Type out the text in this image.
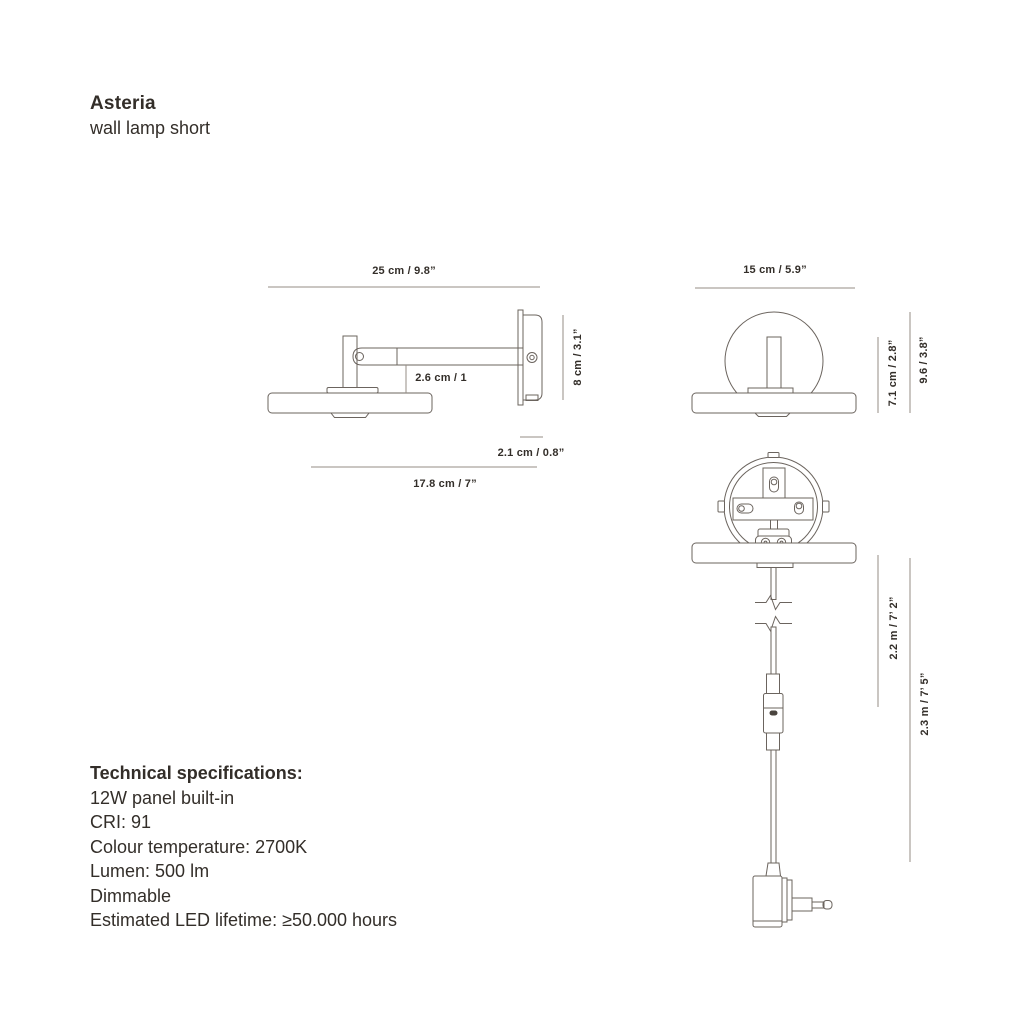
Asteria
wall lamp short
25 cm / 9.8”
2.6 cm / 1	8 cm / 3.1”
2.1 cm / 0.8”
17.8 cm / 7”
15 cm / 5.9”
7.1 cm / 2.8” 9.6 / 3.8”
2.2 m / 7’ 2”
2.3 m / 7’ 5”
Technical specifications:
12W panel built-in
CRI: 91
Colour temperature: 2700K
Lumen: 500 lm
Dimmable
Estimated LED lifetime: ≥50.000 hours
